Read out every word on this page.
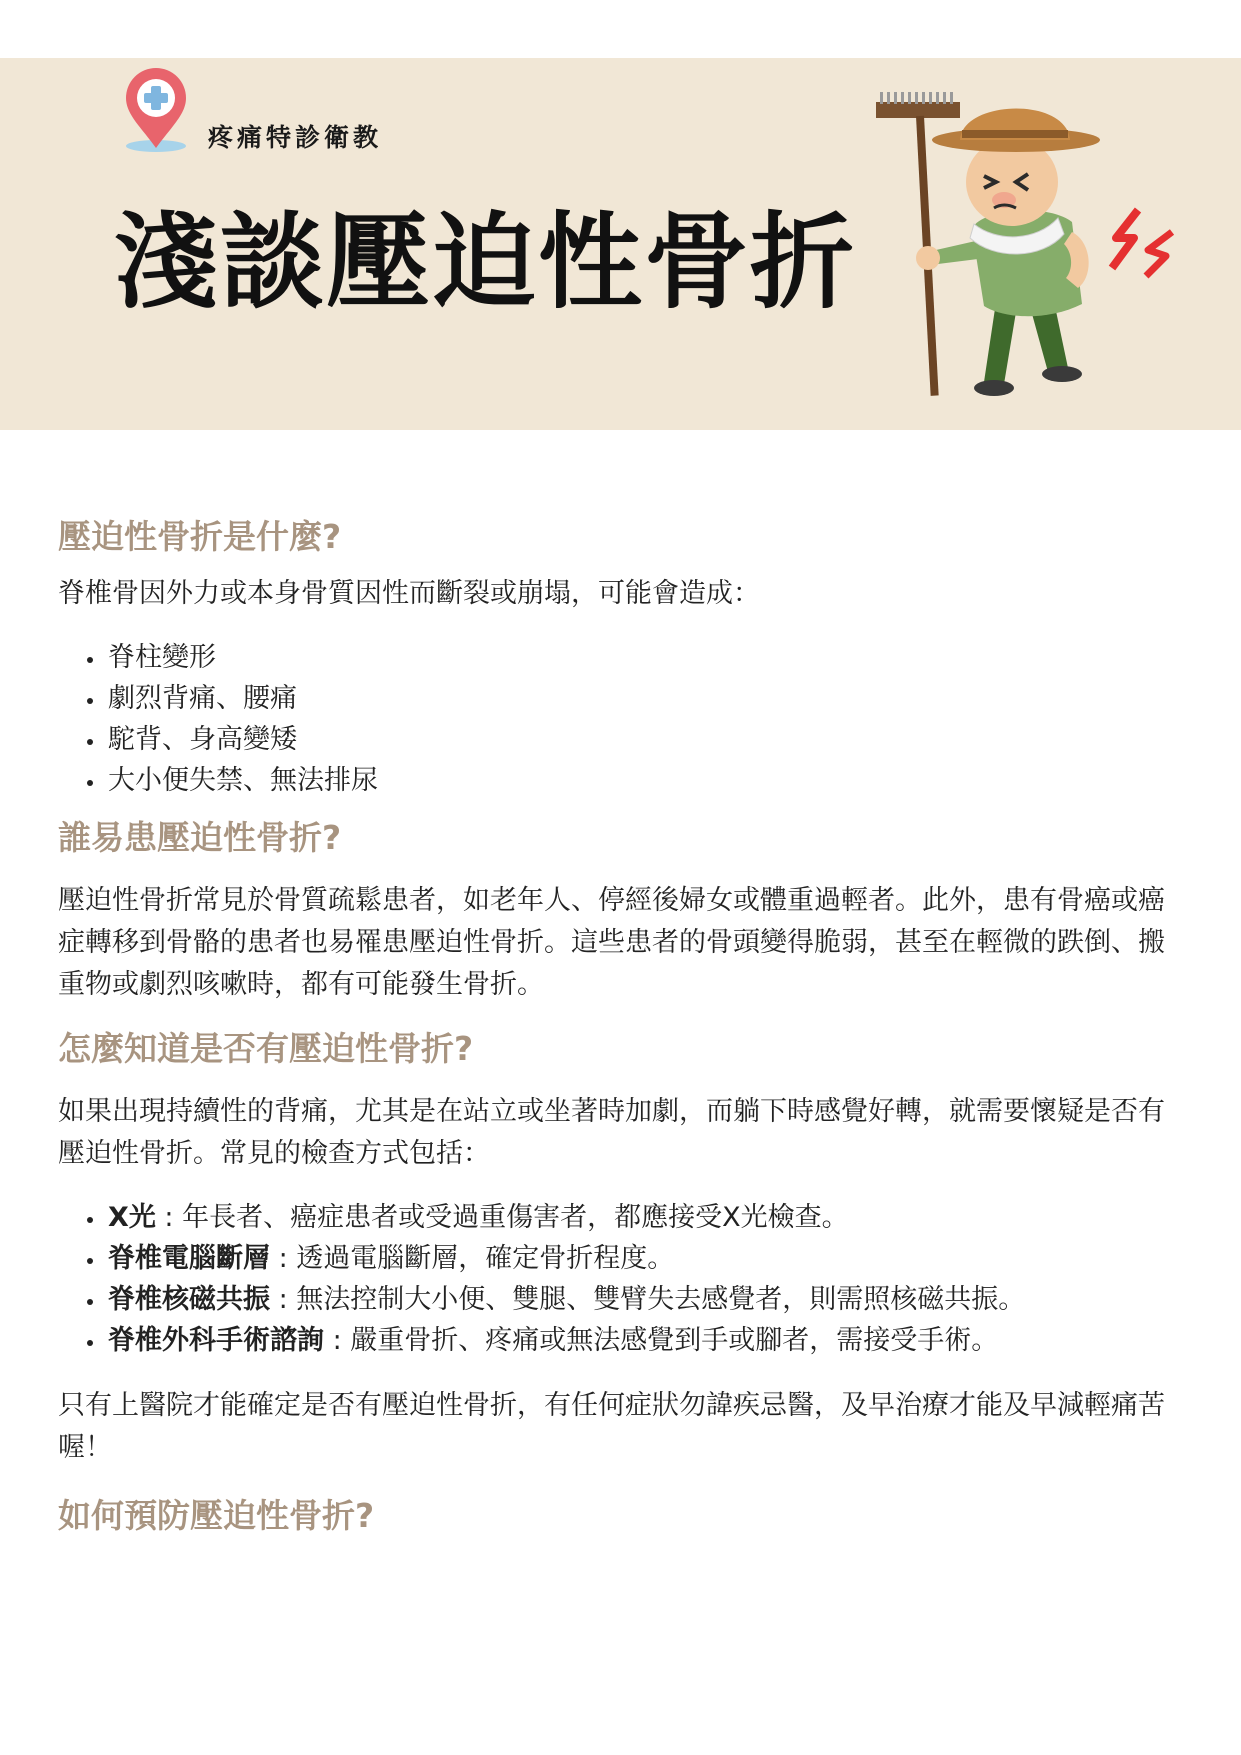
疼痛特診衛教
淺談壓迫性骨折
壓迫性骨折是什麼?

脊椎骨因外力或本身骨質因性而斷裂或崩塌，可能會造成：

• 脊柱變形
• 劇烈背痛、腰痛
• 駝背、身高變矮
• 大小便失禁、無法排尿
誰易患壓迫性骨折?

壓迫性骨折常見於骨質疏鬆患者，如老年人、停經後婦女或體重過輕者。此外，患有骨癌或癌症轉移到骨骼的患者也易罹患壓迫性骨折。這些患者的骨頭變得脆弱，甚至在輕微的跌倒、搬重物或劇烈咳嗽時，都有可能發生骨折。

怎麼知道是否有壓迫性骨折?

如果出現持續性的背痛，尤其是在站立或坐著時加劇，而躺下時感覺好轉，就需要懷疑是否有壓迫性骨折。常見的檢查方式包括：

• X光 : 年長者、癌症患者或受過重傷害者，都應接受X光檢查。
• 脊椎電腦斷層 : 透過電腦斷層，確定骨折程度。
• 脊椎核磁共振 : 無法控制大小便、雙腿、雙臂失去感覺者，則需照核磁共振。
• 脊椎外科手術諮詢 : 嚴重骨折、疼痛或無法感覺到手或腳者，需接受手術。

只有上醫院才能確定是否有壓迫性骨折，有任何症狀勿諱疾忌醫，及早治療才能及早減輕痛苦喔！

如何預防壓迫性骨折?
